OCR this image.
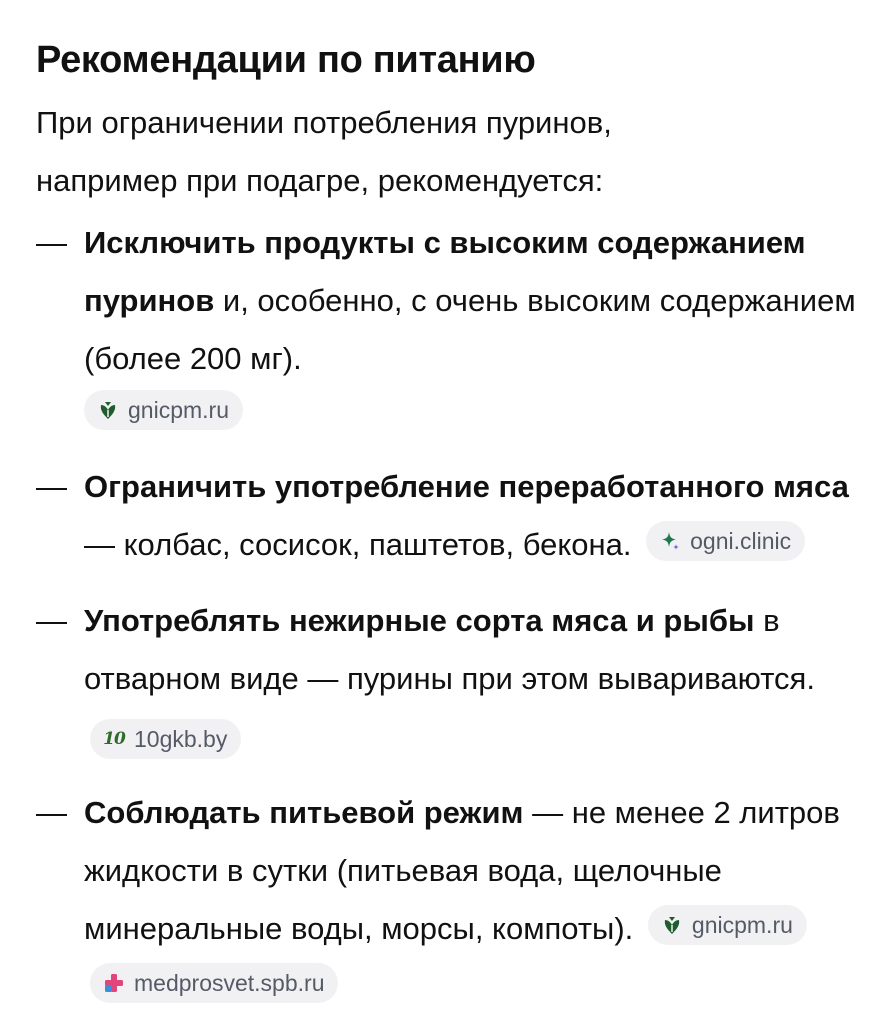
Рекомендации по питанию

При ограничении потребления пуринов, например при подагре, рекомендуется:

— Исключить продукты с высоким содержанием пуринов и, особенно, с очень высоким содержанием (более 200 мг).
gnicpm.ru
— Ограничить употребление переработанного мяса — колбас, сосисок, паштетов, бекона.	ogni.clinic
— Употреблять нежирные сорта мяса и рыбы в отварном виде — пурины при этом вывариваются.
10 10gkb.by
— Соблюдать питьевой режим — не менее 2 литров жидкости в сутки (питьевая вода, щелочные минеральные воды, морсы, компоты).	gnicpm.ru

medprosvet.spb.ru
